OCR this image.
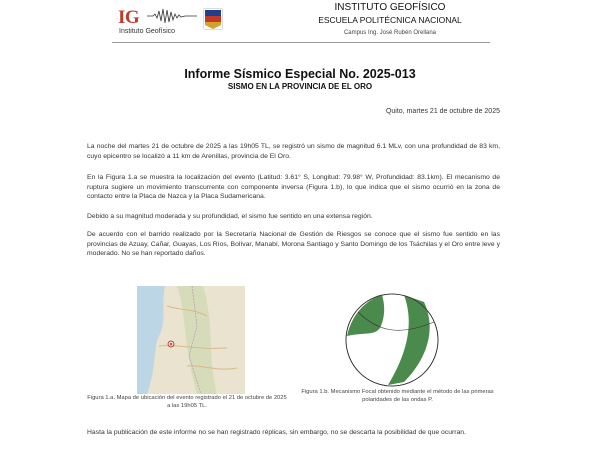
IG
Instituto Geofísico
INSTITUTO GEOFÍSICO
ESCUELA POLITÉCNICA NACIONAL
Campus Ing. José Rubén Orellana
Informe Sísmico Especial No. 2025-013
SISMO EN LA PROVINCIA DE EL ORO
Quito, martes 21 de octubre de 2025
La noche del martes 21 de octubre de 2025 a las 19h05 TL, se registró un sismo de magnitud 6.1 MLv, con una profundidad de 83 km, cuyo epicentro se localizó a 11 km de Arenillas, provincia de El Oro.
En la Figura 1.a se muestra la localización del evento (Latitud: 3.61° S, Longitud: 79.98° W, Profundidad: 83.1km). El mecanismo de ruptura sugiere un movimiento transcurrente con componente inversa (Figura 1.b), lo que indica que el sismo ocurrió en la zona de contacto entre la Placa de Nazca y la Placa Sudamericana.
Debido a su magnitud moderada y su profundidad, el sismo fue sentido en una extensa región.
De acuerdo con el barrido realizado por la Secretaría Nacional de Gestión de Riesgos se conoce que el sismo fue sentido en las provincias de Azuay, Cañar, Guayas, Los Ríos, Bolívar, Manabí, Morona Santiago y Santo Domingo de los Tsáchilas y el Oro entre leve y moderado. No se han reportado daños.
Figura 1.a. Mapa de ubicación del evento registrado el 21 de octubre de 2025 a las 19h05 TL.
Figura 1.b. Mecanismo Focal obtenido mediante el método de las primeras polaridades de las ondas P.
Hasta la publicación de este informe no se han registrado réplicas, sin embargo, no se descarta la posibilidad de que ocurran.
